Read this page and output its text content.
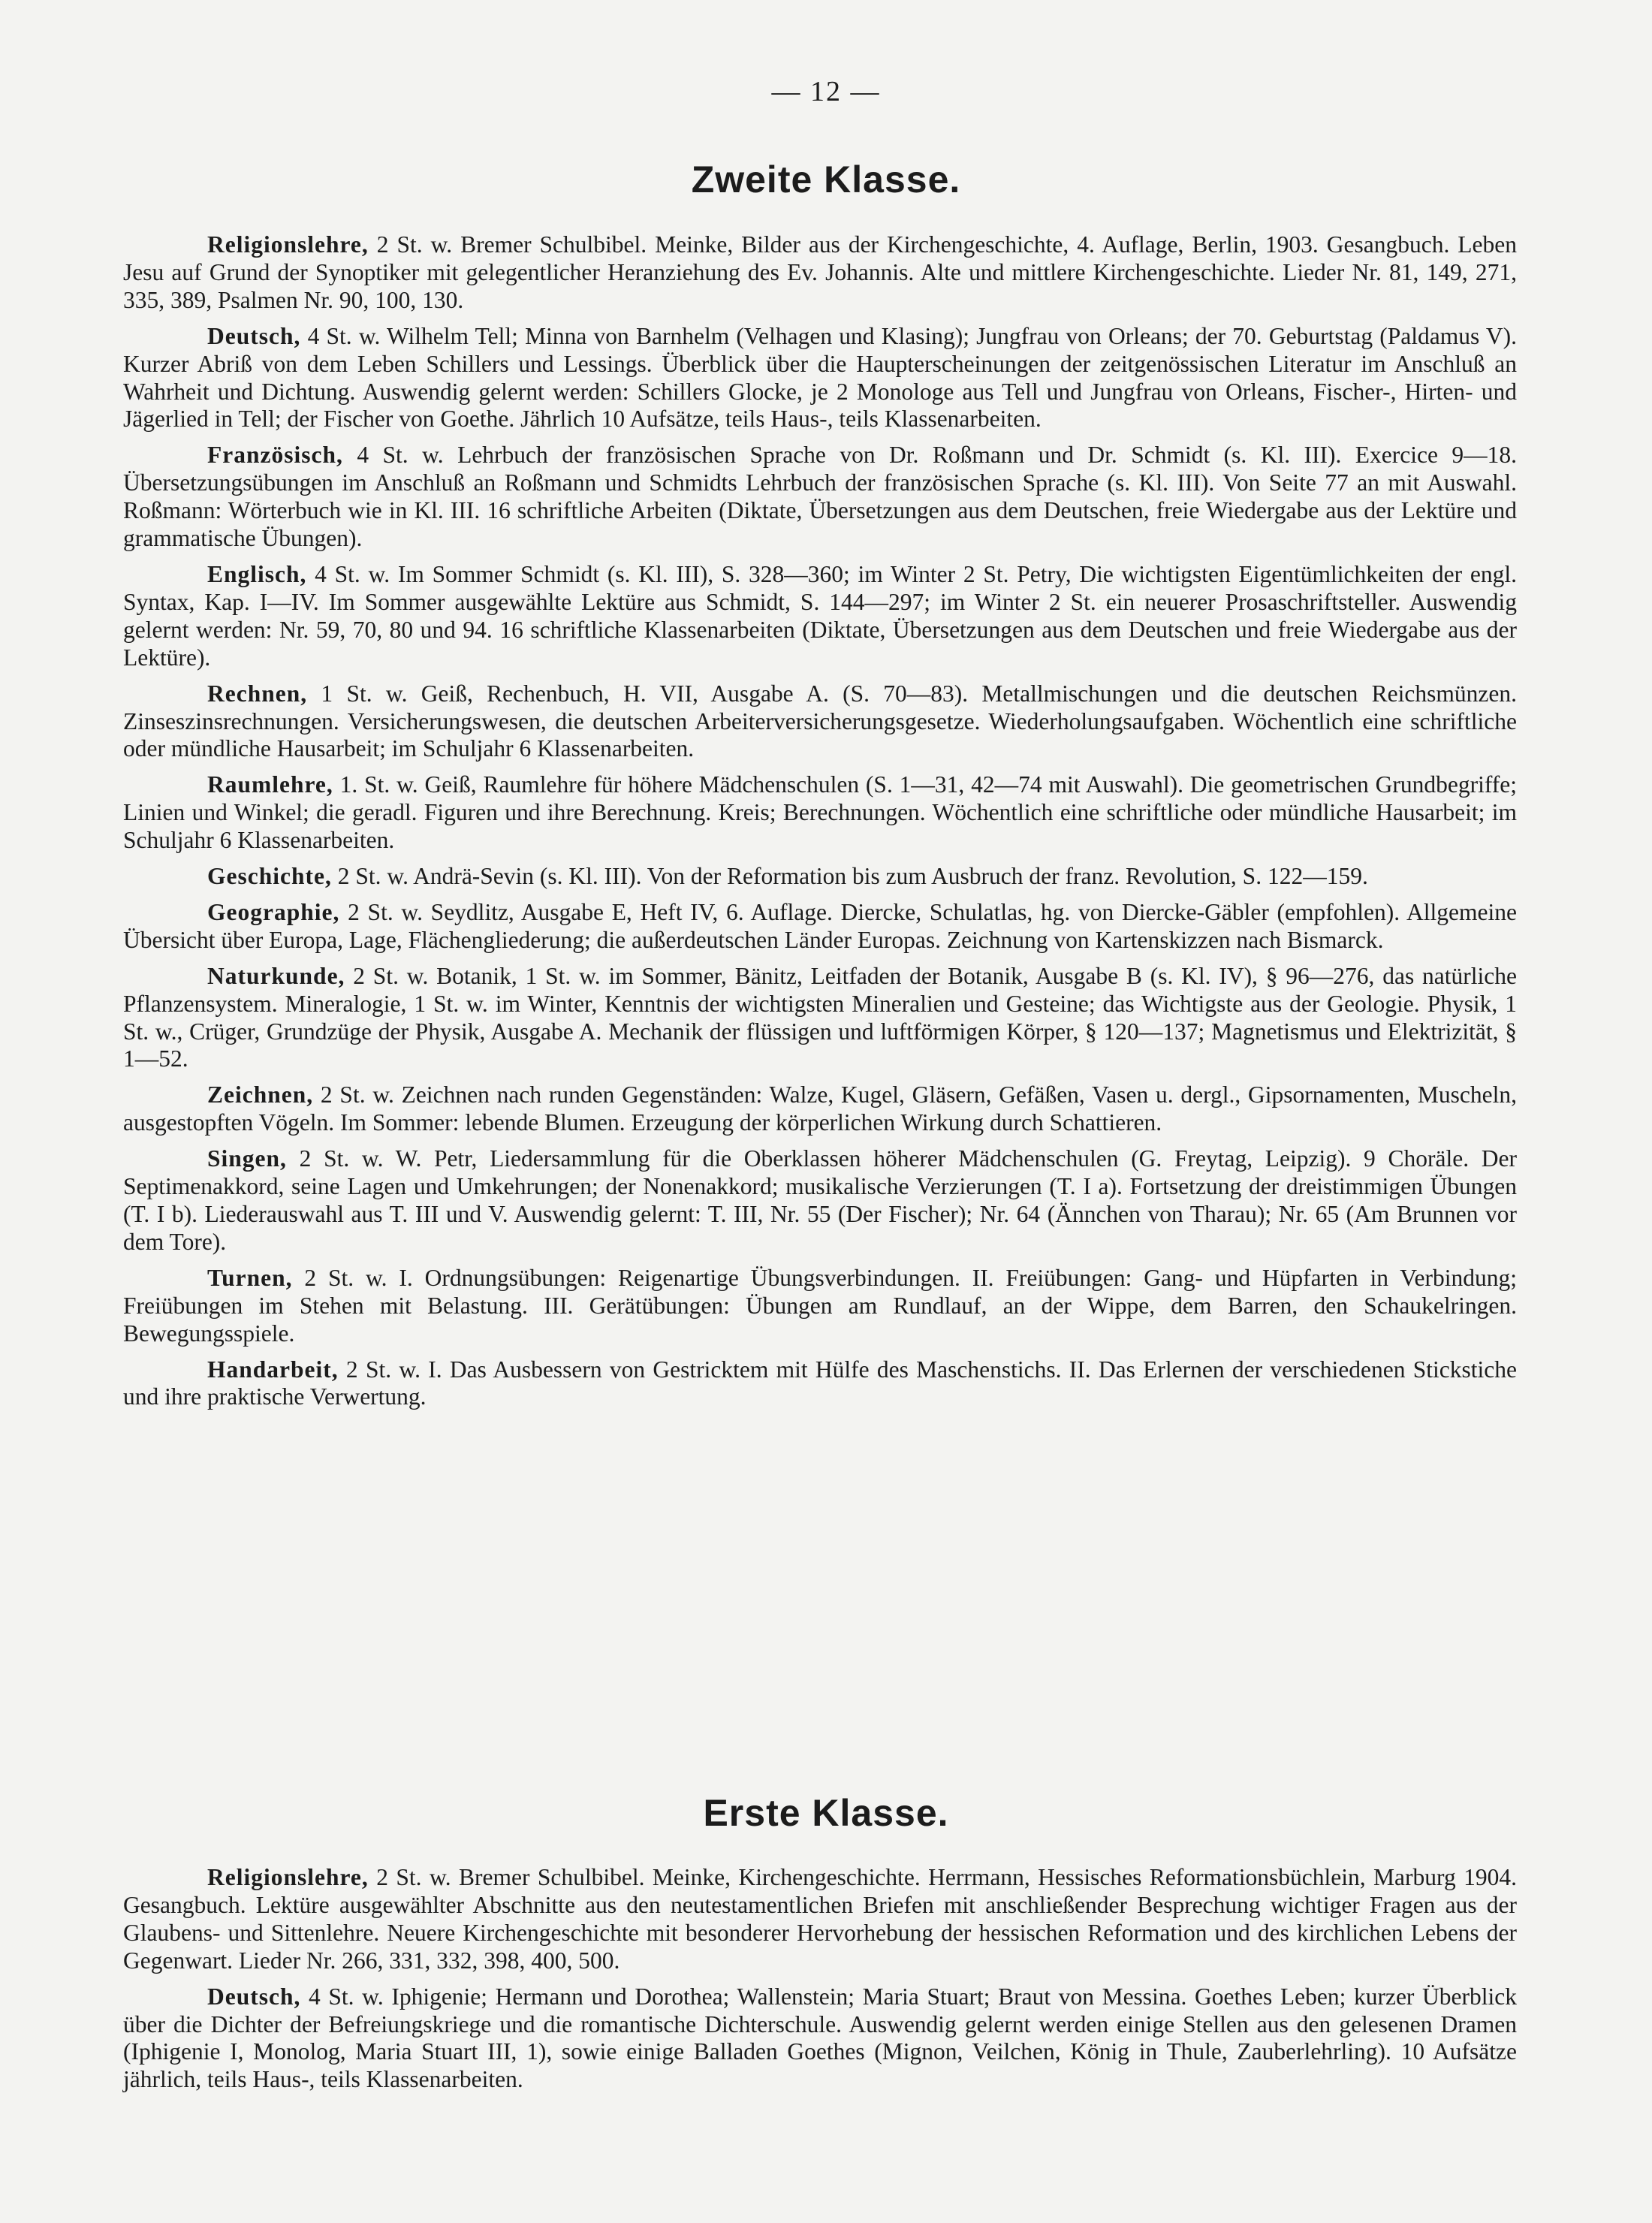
— 12 —
Zweite Klasse.

Religionslehre , 2 St. w. Bremer Schulbibel. Meinke, Bilder aus der Kirchengeschichte, 4. Auflage, Berlin, 1903. Gesangbuch. Leben Jesu auf Grund der Synoptiker mit gelegentlicher Heranziehung des Ev. Johannis. Alte und mittlere Kirchengeschichte. Lieder Nr. 81, 149, 271, 335, 389, Psalmen Nr. 90, 100, 130.

Deutsch , 4 St. w. Wilhelm Tell; Minna von Barnhelm (Velhagen und Klasing); Jungfrau von Orleans; der 70. Geburtstag (Paldamus V). Kurzer Abriß von dem Leben Schillers und Lessings. Überblick über die Haupterscheinungen der zeitgenössischen Literatur im Anschluß an Wahrheit und Dichtung. Auswendig gelernt werden: Schillers Glocke, je 2 Monologe aus Tell und Jungfrau von Orleans, Fischer-, Hirten- und Jägerlied in Tell; der Fischer von Goethe. Jährlich 10 Aufsätze, teils Haus-, teils Klassenarbeiten.

Französisch , 4 St. w. Lehrbuch der französischen Sprache von Dr. Roßmann und Dr. Schmidt (s. Kl. III). Exercice 9—18. Übersetzungsübungen im Anschluß an Roßmann und Schmidts Lehrbuch der französischen Sprache (s. Kl. III). Von Seite 77 an mit Auswahl. Roßmann: Wörterbuch wie in Kl. III. 16 schriftliche Arbeiten (Diktate, Übersetzungen aus dem Deutschen, freie Wiedergabe aus der Lektüre und grammatische Übungen).

Englisch , 4 St. w. Im Sommer Schmidt (s. Kl. III), S. 328—360; im Winter 2 St. Petry, Die wichtigsten Eigentümlichkeiten der engl. Syntax, Kap. I—IV. Im Sommer ausgewählte Lektüre aus Schmidt, S. 144—297; im Winter 2 St. ein neuerer Prosaschriftsteller. Auswendig gelernt werden: Nr. 59, 70, 80 und 94. 16 schriftliche Klassenarbeiten (Diktate, Übersetzungen aus dem Deutschen und freie Wiedergabe aus der Lektüre).

Rechnen , 1 St. w. Geiß, Rechenbuch, H. VII, Ausgabe A. (S. 70—83). Metallmischungen und die deutschen Reichsmünzen. Zinseszinsrechnungen. Versicherungswesen, die deutschen Arbeiterversicherungsgesetze. Wiederholungsaufgaben. Wöchentlich eine schriftliche oder mündliche Hausarbeit; im Schuljahr 6 Klassenarbeiten.

Raumlehre , 1. St. w. Geiß, Raumlehre für höhere Mädchenschulen (S. 1—31, 42—74 mit Auswahl). Die geometrischen Grundbegriffe; Linien und Winkel; die geradl. Figuren und ihre Berechnung. Kreis; Berechnungen. Wöchentlich eine schriftliche oder mündliche Hausarbeit; im Schuljahr 6 Klassenarbeiten.

Geschichte , 2 St. w. Andrä-Sevin (s. Kl. III). Von der Reformation bis zum Ausbruch der franz. Revolution, S. 122—159.

Geographie , 2 St. w. Seydlitz, Ausgabe E, Heft IV, 6. Auflage. Diercke, Schulatlas, hg. von Diercke-Gäbler (empfohlen). Allgemeine Übersicht über Europa, Lage, Flächengliederung; die außerdeutschen Länder Europas. Zeichnung von Kartenskizzen nach Bismarck.

Naturkunde , 2 St. w. Botanik, 1 St. w. im Sommer, Bänitz, Leitfaden der Botanik, Ausgabe B (s. Kl. IV), § 96—276, das natürliche Pflanzensystem. Mineralogie, 1 St. w. im Winter, Kenntnis der wichtigsten Mineralien und Gesteine; das Wichtigste aus der Geologie. Physik, 1 St. w., Crüger, Grundzüge der Physik, Ausgabe A. Mechanik der flüssigen und luftförmigen Körper, § 120—137; Magnetismus und Elektrizität, § 1—52.

Zeichnen , 2 St. w. Zeichnen nach runden Gegenständen: Walze, Kugel, Gläsern, Gefäßen, Vasen u. dergl., Gipsornamenten, Muscheln, ausgestopften Vögeln. Im Sommer: lebende Blumen. Erzeugung der körperlichen Wirkung durch Schattieren.

Singen , 2 St. w. W. Petr, Liedersammlung für die Oberklassen höherer Mädchenschulen (G. Freytag, Leipzig). 9 Choräle. Der Septimenakkord, seine Lagen und Umkehrungen; der Nonenakkord; musikalische Verzierungen (T. I a). Fortsetzung der dreistimmigen Übungen (T. I b). Liederauswahl aus T. III und V. Auswendig gelernt: T. III, Nr. 55 (Der Fischer); Nr. 64 (Ännchen von Tharau); Nr. 65 (Am Brunnen vor dem Tore).

Turnen , 2 St. w. I. Ordnungsübungen: Reigenartige Übungsverbindungen. II. Freiübungen: Gang- und Hüpfarten in Verbindung; Freiübungen im Stehen mit Belastung. III. Gerätübungen: Übungen am Rundlauf, an der Wippe, dem Barren, den Schaukelringen. Bewegungsspiele.

Handarbeit , 2 St. w. I. Das Ausbessern von Gestricktem mit Hülfe des Maschenstichs. II. Das Erlernen der verschiedenen Stickstiche und ihre praktische Verwertung.

Erste Klasse.

Religionslehre , 2 St. w. Bremer Schulbibel. Meinke, Kirchengeschichte. Herrmann, Hessisches Reformationsbüchlein, Marburg 1904. Gesangbuch. Lektüre ausgewählter Abschnitte aus den neutestamentlichen Briefen mit anschließender Besprechung wichtiger Fragen aus der Glaubens- und Sittenlehre. Neuere Kirchengeschichte mit besonderer Hervorhebung der hessischen Reformation und des kirchlichen Lebens der Gegenwart. Lieder Nr. 266, 331, 332, 398, 400, 500.

Deutsch , 4 St. w. Iphigenie; Hermann und Dorothea; Wallenstein; Maria Stuart; Braut von Messina. Goethes Leben; kurzer Überblick über die Dichter der Befreiungskriege und die romantische Dichterschule. Auswendig gelernt werden einige Stellen aus den gelesenen Dramen (Iphigenie I, Monolog, Maria Stuart III, 1), sowie einige Balladen Goethes (Mignon, Veilchen, König in Thule, Zauberlehrling). 10 Aufsätze jährlich, teils Haus-, teils Klassenarbeiten.
